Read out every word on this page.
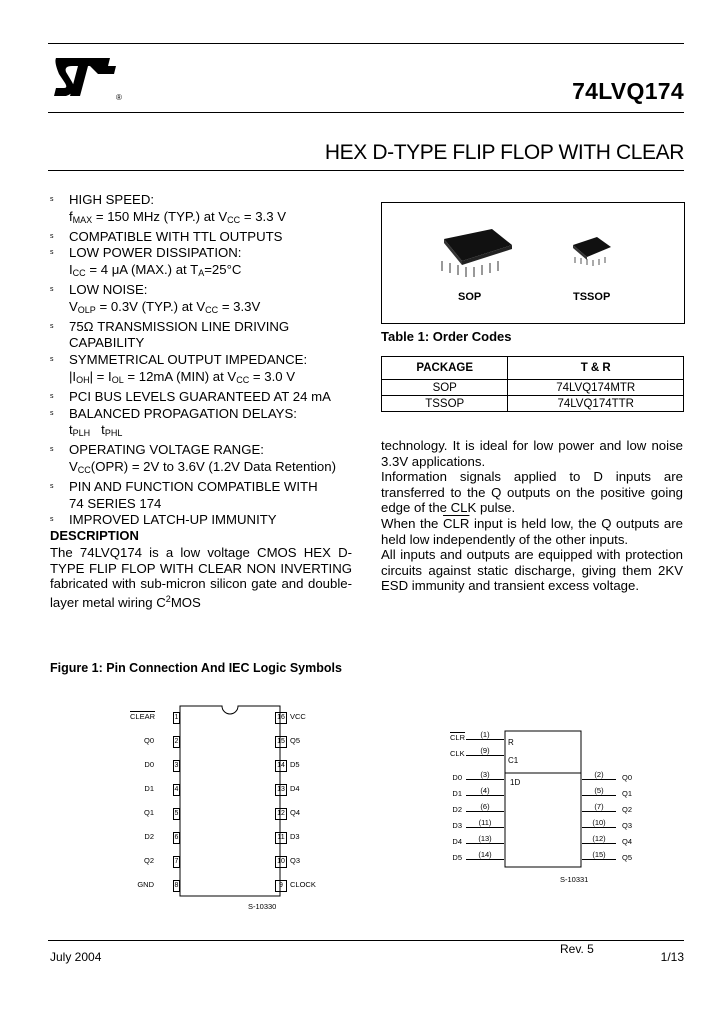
®	74LVQ174
HEX D-TYPE FLIP FLOP WITH CLEAR
s HIGH SPEED:
$f_{MAX} = 150$ MHz (TYP.) at $V_{CC} = 3.3$ V
s COMPATIBLE WITH TTL OUTPUTS
s LOW POWER DISSIPATION:
$I_{CC} = 4$ μA (MAX.) at $T_A=25^\circ C$
s LOW NOISE:
$V_{OLP} = 0.3V$ (TYP.) at $V_{CC} = 3.3V$
s 75Ω TRANSMISSION LINE DRIVING
CAPABILITY
s SYMMETRICAL OUTPUT IMPEDANCE:
$|I_{OH}| = I_{OL} = 12mA$ (MIN) at $V_{CC} = 3.0$ V
s PCI BUS LEVELS GUARANTEED AT 24 mA
s BALANCED PROPAGATION DELAYS:
$t_{PLH}$   $t_{PHL}$
s OPERATING VOLTAGE RANGE:
$V_{CC}(OPR) = 2V$ to 3.6V (1.2V Data Retention)
s PIN AND FUNCTION COMPATIBLE WITH
74 SERIES 174
s IMPROVED LATCH-UP IMMUNITY
DESCRIPTION
The 74LVQ174 is a low voltage CMOS HEX D-TYPE FLIP FLOP WITH CLEAR NON INVERTING fabricated with sub-micron silicon gate and double-layer metal wiring $C^2MOS$
SOP	TSSOP
Table 1: Order Codes
PACKAGE	T & R
SOP	74LVQ174MTR
TSSOP	74LVQ174TTR
technology. It is ideal for low power and low noise 3.3V applications.
Information signals applied to D inputs are transferred to the Q outputs on the positive going edge of the CLK pulse.
When the $\overline{CLR}$ input is held low, the Q outputs are held low independently of the other inputs.
All inputs and outputs are equipped with protection circuits against static discharge, giving them 2KV ESD immunity and transient excess voltage.
Figure 1: Pin Connection And IEC Logic Symbols
CLEAR	1
Q0	2
D0	3
D1	4
Q1	5
D2	6
Q2	7
GND	8
16 VCC
15 Q5
14 D5
13 D4
12 Q4
11 D3
10 Q3
9 CLOCK
S-10330
R
C1
1D
$\overline{CLR}$	(1)
CLK	(9)
D0	(3)
D1	(4)
D2	(6)
D3	(11)
D4	(13)
D5	(14)
(2)	Q0
(5)	Q1
(7)	Q2
(10)	Q3
(12)	Q4
(15)	Q5
S-10331
July 2004
Rev. 5
1/13
